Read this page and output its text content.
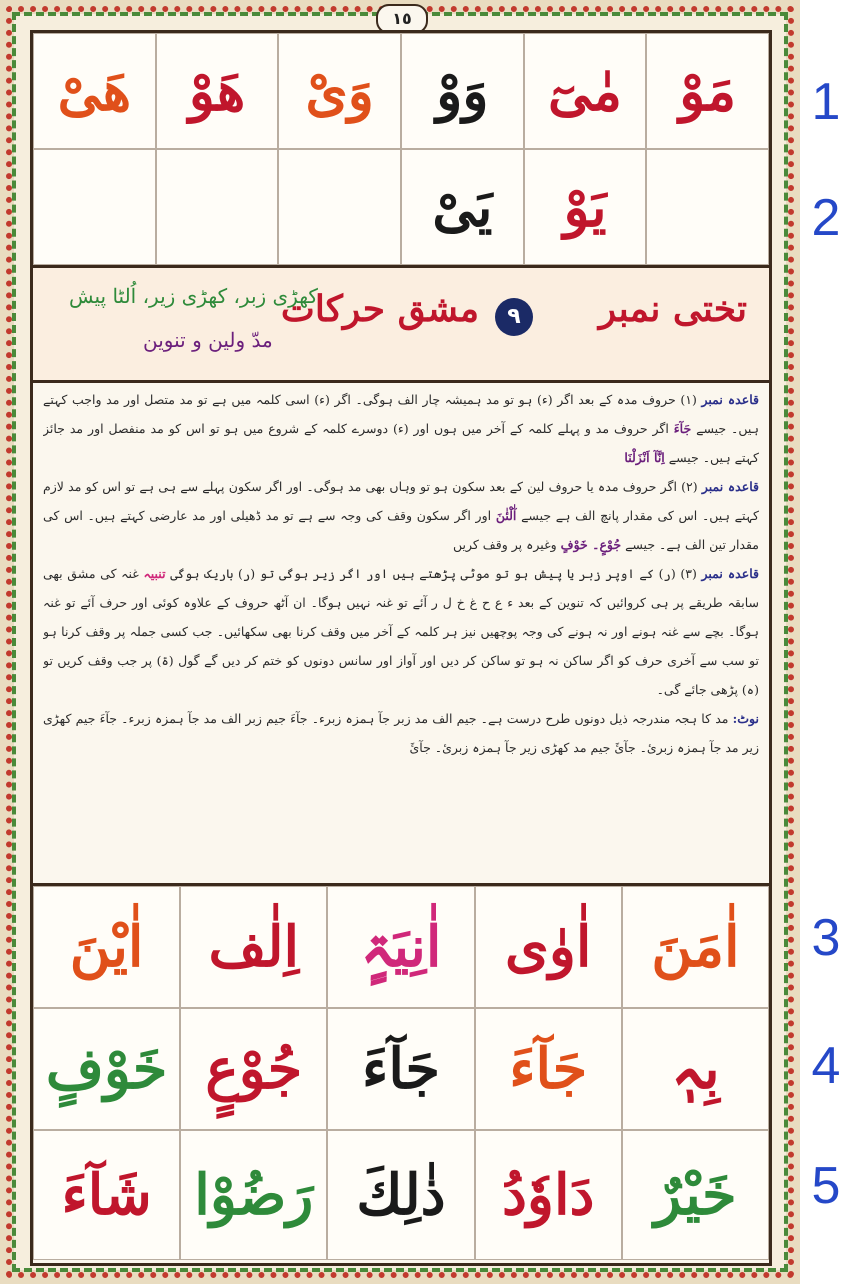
١٥
مَوْ
مٰیٓ
وَوْ
وَیْ
ھَوْ
ھَیْ
یَوْ
یَیْ
تختی نمبر
٩
مشق حرکات
کھڑی زبر، کھڑی زیر، اُلٹا پیش
مدّ ولین و تنوین

قاعدہ نمبر (١) حروف مدہ کے بعد اگر (ء) ہو تو مد ہمیشہ چار الف ہوگی۔ اگر (ء) اسی کلمہ میں ہے تو مد متصل اور مد واجب کہتے ہیں۔ جیسے جَآءَ اگر حروف مد و پہلے کلمہ کے آخر میں ہوں اور (ء) دوسرے کلمہ کے شروع میں ہو تو اس کو مد منفصل اور مد جائز کہتے ہیں۔ جیسے اِنَّآ اَنْزَلْنَا

قاعدہ نمبر (٢) اگر حروف مدہ یا حروف لین کے بعد سکون ہو تو وہاں بھی مد ہوگی۔ اور اگر سکون پہلے سے ہی ہے تو اس کو مد لازم کہتے ہیں۔ اس کی مقدار پانچ الف ہے جیسے آٰلْئٰنَ اور اگر سکون وقف کی وجہ سے ہے تو مد ڈھیلی اور مد عارضی کہتے ہیں۔ اس کی مقدار تین الف ہے۔ جیسے جُوْعٍ۔ خَوْفٍ وغیرہ پر وقف کریں

قاعدہ نمبر (٣) (ر) کے اوپر زبر یا پیش ہو تو موٹی پڑھتے ہیں اور اگر زیر ہوگی تو (ر) باریک ہوگی تنبیہ غنہ کی مشق بھی سابقہ طریقے پر ہی کروائیں کہ تنوین کے بعد ء ع ح غ خ ل ر آئے تو غنہ نہیں ہوگا۔ ان آٹھ حروف کے علاوہ کوئی اور حرف آئے تو غنہ ہوگا۔ بچے سے غنہ ہونے اور نہ ہونے کی وجہ پوچھیں نیز ہر کلمہ کے آخر میں وقف کرنا بھی سکھائیں۔ جب کسی جملہ پر وقف کرنا ہو تو سب سے آخری حرف کو اگر ساکن نہ ہو تو ساکن کر دیں اور آواز اور سانس دونوں کو ختم کر دیں گے گول (ۃ) پر جب وقف کریں تو (ہ) پڑھی جائے گی۔

نوٹ: مد کا ہجہ مندرجہ ذیل دونوں طرح درست ہے۔ جیم الف مد زبر جآ ہمزہ زبرء۔ جآءَ جیم زبر الف مد جآ ہمزہ زبرء۔ جآءَ جیم کھڑی زیر مد جآ ہمزہ زبرئ۔ جآئَ جیم مد کھڑی زیر جآ ہمزہ زبرئ۔ جآئَ

اٰمَنَ
اٰوٰی
اٰنِیَۃٍ
اِلٰف
اٰیْنَ
بِہٖ
جَآءَ
جَآءَ
جُوْعٍ
خَوْفٍ
خَیْرٌ
دَاوٗدُ
ذٰلِكَ
رَضُوْا
شَآءَ
1
2
3
4
5
